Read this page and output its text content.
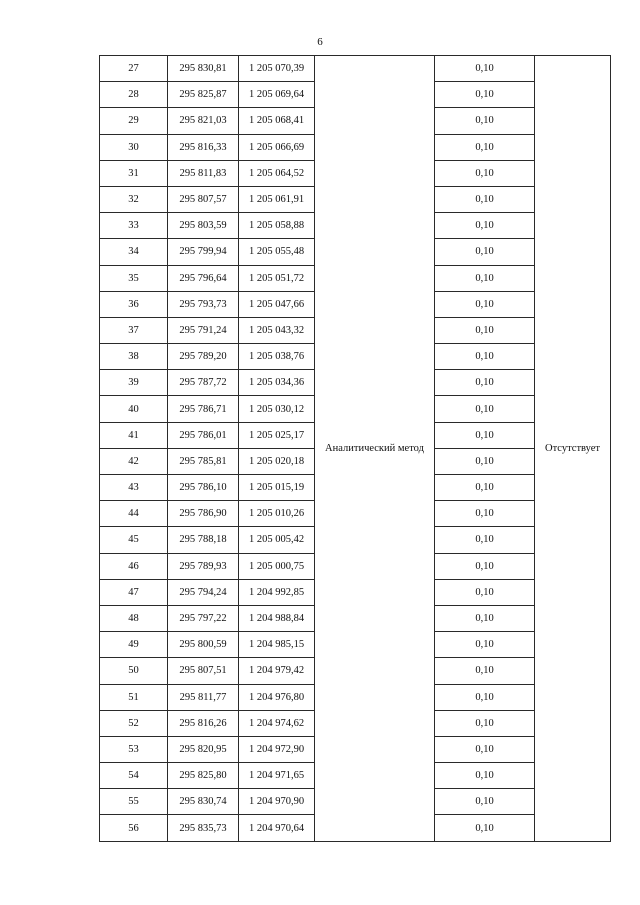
6
27	295 830,81	1 205 070,39	Аналитический метод	0,10	Отсутствует
28	295 825,87	1 205 069,64		0,10	
29	295 821,03	1 205 068,41		0,10	
30	295 816,33	1 205 066,69		0,10	
31	295 811,83	1 205 064,52		0,10	
32	295 807,57	1 205 061,91		0,10	
33	295 803,59	1 205 058,88		0,10	
34	295 799,94	1 205 055,48		0,10	
35	295 796,64	1 205 051,72		0,10	
36	295 793,73	1 205 047,66		0,10	
37	295 791,24	1 205 043,32		0,10	
38	295 789,20	1 205 038,76		0,10	
39	295 787,72	1 205 034,36		0,10	
40	295 786,71	1 205 030,12		0,10	
41	295 786,01	1 205 025,17		0,10	
42	295 785,81	1 205 020,18		0,10	
43	295 786,10	1 205 015,19		0,10	
44	295 786,90	1 205 010,26		0,10	
45	295 788,18	1 205 005,42		0,10	
46	295 789,93	1 205 000,75		0,10	
47	295 794,24	1 204 992,85		0,10	
48	295 797,22	1 204 988,84		0,10	
49	295 800,59	1 204 985,15		0,10	
50	295 807,51	1 204 979,42		0,10	
51	295 811,77	1 204 976,80		0,10	
52	295 816,26	1 204 974,62		0,10	
53	295 820,95	1 204 972,90		0,10	
54	295 825,80	1 204 971,65		0,10	
55	295 830,74	1 204 970,90		0,10	
56	295 835,73	1 204 970,64		0,10	
